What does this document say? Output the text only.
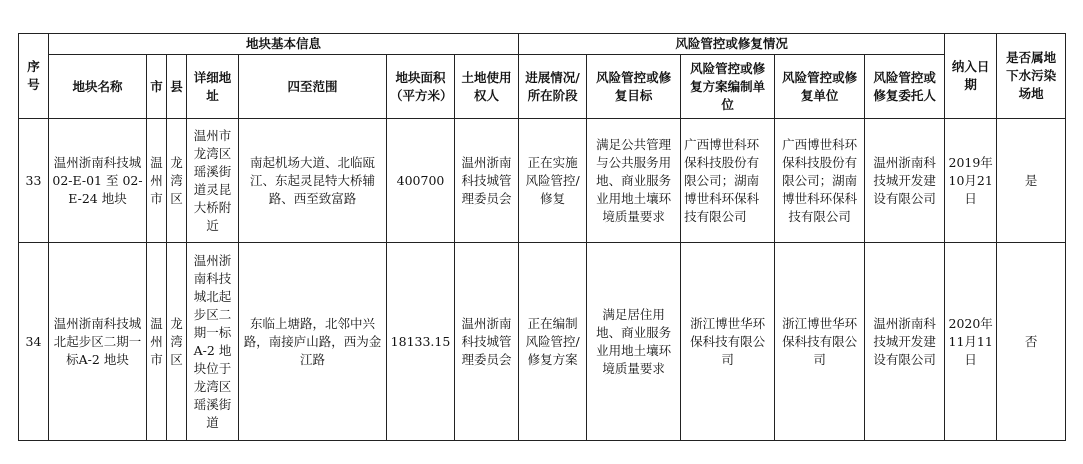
序号	地块基本信息							风险管控或修复情况					纳入日期	是否属地下水污染场地
	地块名称	市	县	详细地址	四至范围	地块面积（平方米）	土地使用权人	进展情况/所在阶段	风险管控或修复目标	风险管控或修复方案编制单位	风险管控或修复单位	风险管控或修复委托人		
33	温州浙南科技城 02-E-01 至 02-E-24 地块	温州市	龙湾区	温州市龙湾区瑶溪街道灵昆大桥附近	南起机场大道、北临瓯江、东起灵昆特大桥辅路、西至致富路	400700	温州浙南科技城管理委员会	正在实施风险管控/修复	满足公共管理与公共服务用地、商业服务业用地土壤环境质量要求	广西博世科环保科技股份有限公司；湖南博世科环保科技有限公司	广西博世科环保科技股份有限公司；湖南博世科环保科技有限公司	温州浙南科技城开发建设有限公司	2019年10月21日	是
34	温州浙南科技城北起步区二期一标A-2 地块	温州市	龙湾区	温州浙南科技城北起步区二期一标A-2 地块位于龙湾区瑶溪街道	东临上塘路，北邻中兴路，南接庐山路，西为金江路	18133.15	温州浙南科技城管理委员会	正在编制风险管控/修复方案	满足居住用地、商业服务业用地土壤环境质量要求	浙江博世华环保科技有限公司	浙江博世华环保科技有限公司	温州浙南科技城开发建设有限公司	2020年11月11日	否
